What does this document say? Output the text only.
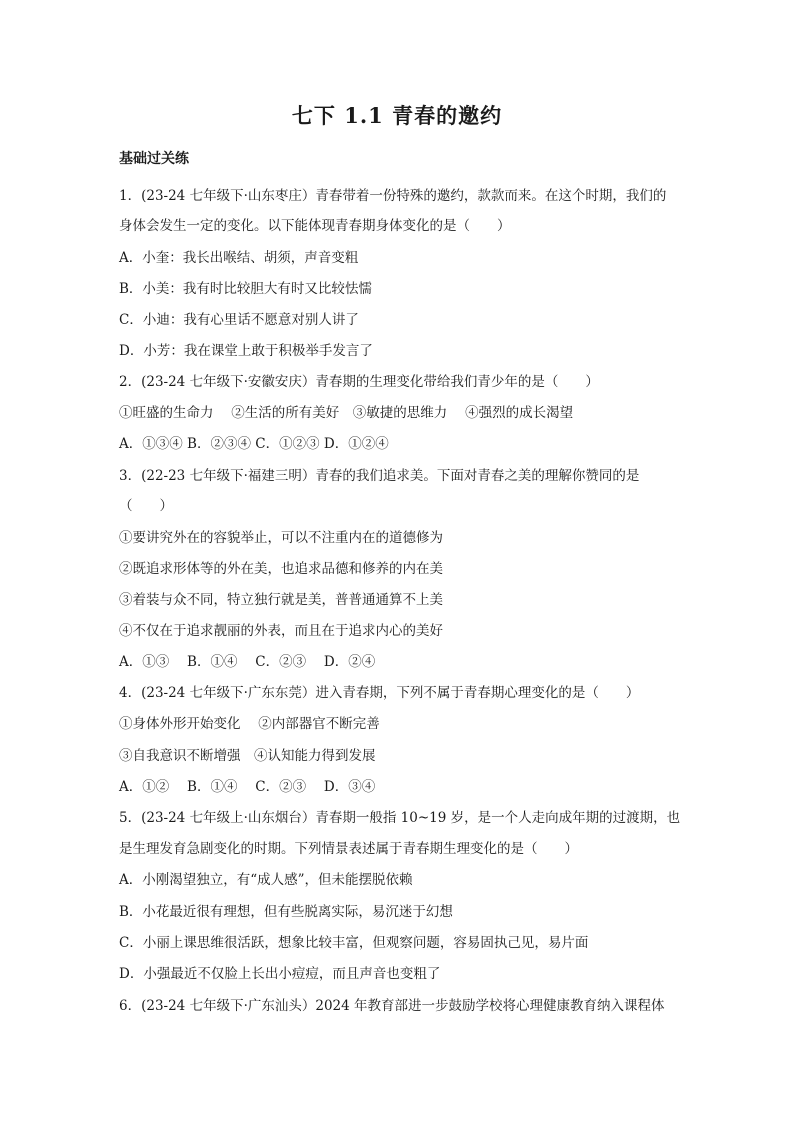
七下 1.1 青春的邀约
基础过关练
1．(23-24 七年级下·山东枣庄）青春带着一份特殊的邀约，款款而来。在这个时期，我们的
身体会发生一定的变化。以下能体现青春期身体变化的是（　　）
A．小奎：我长出喉结、胡须，声音变粗
B．小美：我有时比较胆大有时又比较怯懦
C．小迪：我有心里话不愿意对别人讲了
D．小芳：我在课堂上敢于积极举手发言了
2．(23-24 七年级下·安徽安庆）青春期的生理变化带给我们青少年的是（　　）
①旺盛的生命力　 ②生活的所有美好　③敏捷的思维力　 ④强烈的成长渴望
A．①③④ B．②③④ C．①②③ D．①②④
3．(22-23 七年级下·福建三明）青春的我们追求美。下面对青春之美的理解你赞同的是
（　　）
①要讲究外在的容貌举止，可以不注重内在的道德修为
②既追求形体等的外在美，也追求品德和修养的内在美
③着装与众不同，特立独行就是美，普普通通算不上美
④不仅在于追求靓丽的外表，而且在于追求内心的美好
A．①③　 B．①④　 C．②③　 D．②④
4．(23-24 七年级下·广东东莞）进入青春期，下列不属于青春期心理变化的是（　　）
①身体外形开始变化　 ②内部器官不断完善
③自我意识不断增强　④认知能力得到发展
A．①②　 B．①④　 C．②③　 D．③④
5．(23-24 七年级上·山东烟台）青春期一般指 10~19 岁，是一个人走向成年期的过渡期，也
是生理发育急剧变化的时期。下列情景表述属于青春期生理变化的是（　　）
A．小刚渴望独立，有“成人感”，但未能摆脱依赖
B．小花最近很有理想，但有些脱离实际，易沉迷于幻想
C．小丽上课思维很活跃，想象比较丰富，但观察问题，容易固执己见，易片面
D．小强最近不仅脸上长出小痘痘，而且声音也变粗了
6．(23-24 七年级下·广东汕头）2024 年教育部进一步鼓励学校将心理健康教育纳入课程体
